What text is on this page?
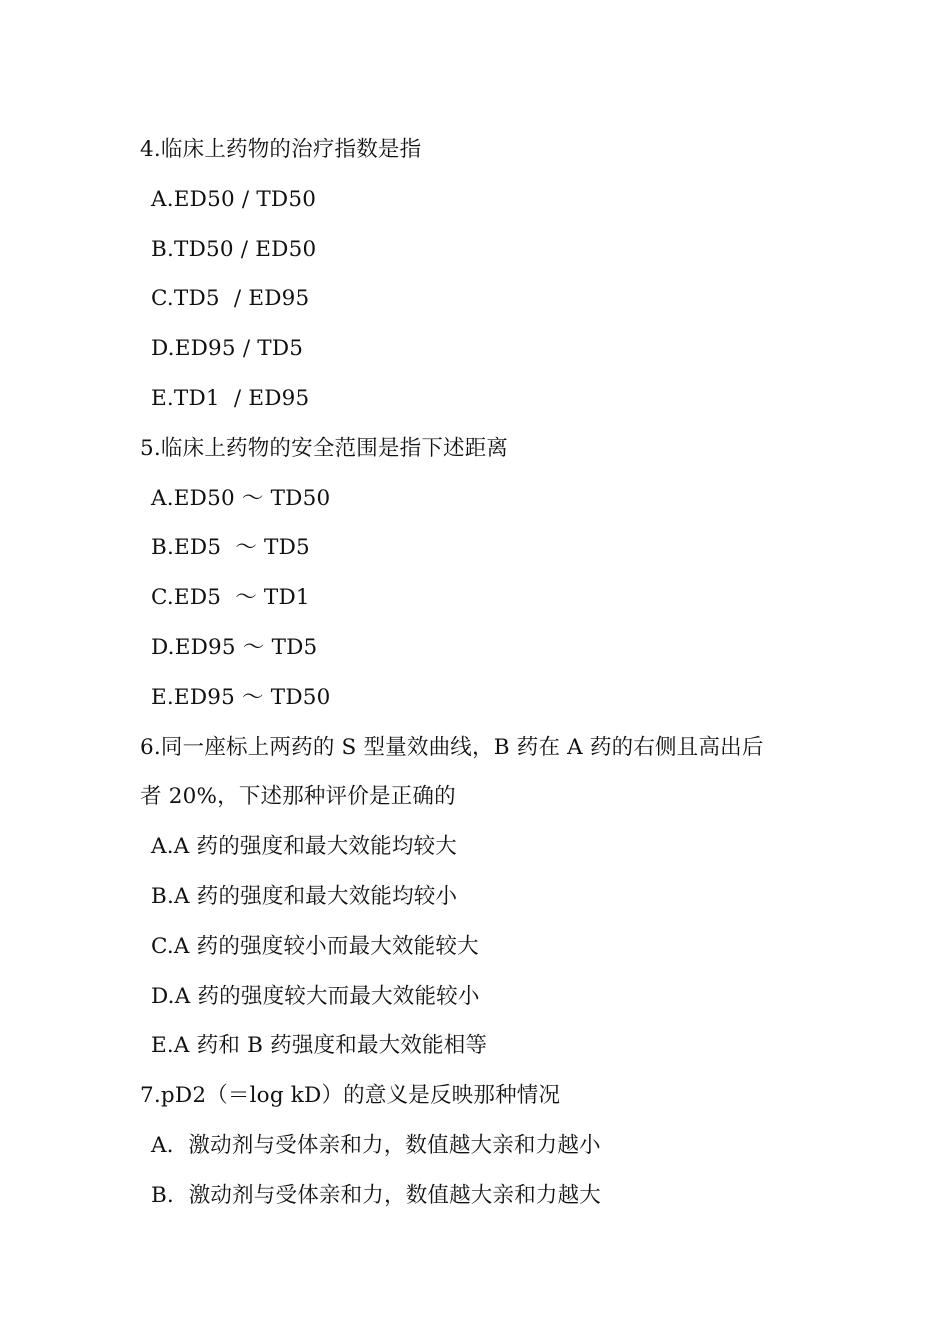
4.临床上药物的治疗指数是指
A.ED50 / TD50
B.TD50 / ED50
C.TD5  / ED95
D.ED95 / TD5
E.TD1  / ED95
5.临床上药物的安全范围是指下述距离
A.ED50 ～ TD50
B.ED5  ～ TD5
C.ED5  ～ TD1
D.ED95 ～ TD5
E.ED95 ～ TD50
6.同一座标上两药的 S 型量效曲线，B 药在 A 药的右侧且高出后
者 20%，下述那种评价是正确的
A.A 药的强度和最大效能均较大
B.A 药的强度和最大效能均较小
C.A 药的强度较小而最大效能较大
D.A 药的强度较大而最大效能较小
E.A 药和 B 药强度和最大效能相等
7.pD2（＝log kD）的意义是反映那种情况
A．激动剂与受体亲和力，数值越大亲和力越小
B．激动剂与受体亲和力，数值越大亲和力越大
